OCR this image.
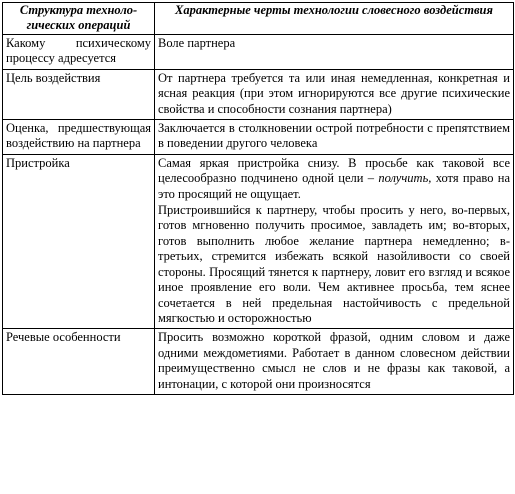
Структура технологических операций	Характерные черты технологии словесного воздействия
Какому психическому процессу адресуется	Воле партнера

Цель воздействия	От партнера требуется та или иная немедленная, конкретная и ясная реакция (при этом игнорируются все другие психические свойства и способности сознания партнера)

Оценка, предшествующая воздействию на партнера	Заключается в столкновении острой потребности с препятствием в поведении другого человека

Пристройка	Самая яркая пристройка снизу. В просьбе как таковой все целесообразно подчинено одной цели – получить, хотя право на это просящий не ощущает.

Пристроившийся к партнеру, чтобы просить у него, во-первых, готов мгновенно получить просимое, завладеть им; во-вторых, готов выполнить любое желание партнера немедленно; в-третьих, стремится избежать всякой назойливости со своей стороны. Просящий тянется к партнеру, ловит его взгляд и всякое иное проявление его воли. Чем активнее просьба, тем яснее сочетается в ней предельная настойчивость с предельной мягкостью и осторожностью

Речевые особенности	Просить возможно короткой фразой, одним словом и даже одними междометиями. Работает в данном словесном действии преимущественно смысл не слов и не фразы как таковой, а интонации, с которой они произносятся
